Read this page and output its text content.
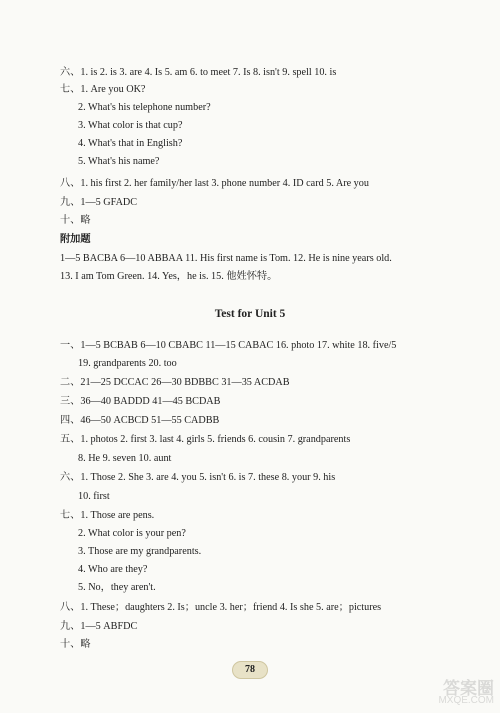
六、1. is 2. is 3. are 4. Is 5. am 6. to meet 7. Is 8. isn't 9. spell 10. is
七、1. Are you OK?
2. What's his telephone number?
3. What color is that cup?
4. What's that in English?
5. What's his name?
八、1. his first 2. her family/her last 3. phone number 4. ID card 5. Are you
九、1—5 GFADC
十、略
附加题
1—5 BACBA 6—10 ABBAA 11. His first name is Tom. 12. He is nine years old.
13. I am Tom Green. 14. Yes，he is. 15. 他姓怀特。
Test for Unit 5
一、1—5 BCBAB 6—10 CBABC 11—15 CABAC 16. photo 17. white 18. five/5
19. grandparents 20. too
二、21—25 DCCAC 26—30 BDBBC 31—35 ACDAB
三、36—40 BADDD 41—45 BCDAB
四、46—50 ACBCD 51—55 CADBB
五、1. photos 2. first 3. last 4. girls 5. friends 6. cousin 7. grandparents
8. He 9. seven 10. aunt
六、1. Those 2. She 3. are 4. you 5. isn't 6. is 7. these 8. your 9. his
10. first
七、1. Those are pens.
2. What color is your pen?
3. Those are my grandparents.
4. Who are they?
5. No，they aren't.
八、1. These；daughters 2. Is；uncle 3. her；friend 4. Is she 5. are；pictures
九、1—5 ABFDC
十、略
78
答案圈
MXQE.COM
